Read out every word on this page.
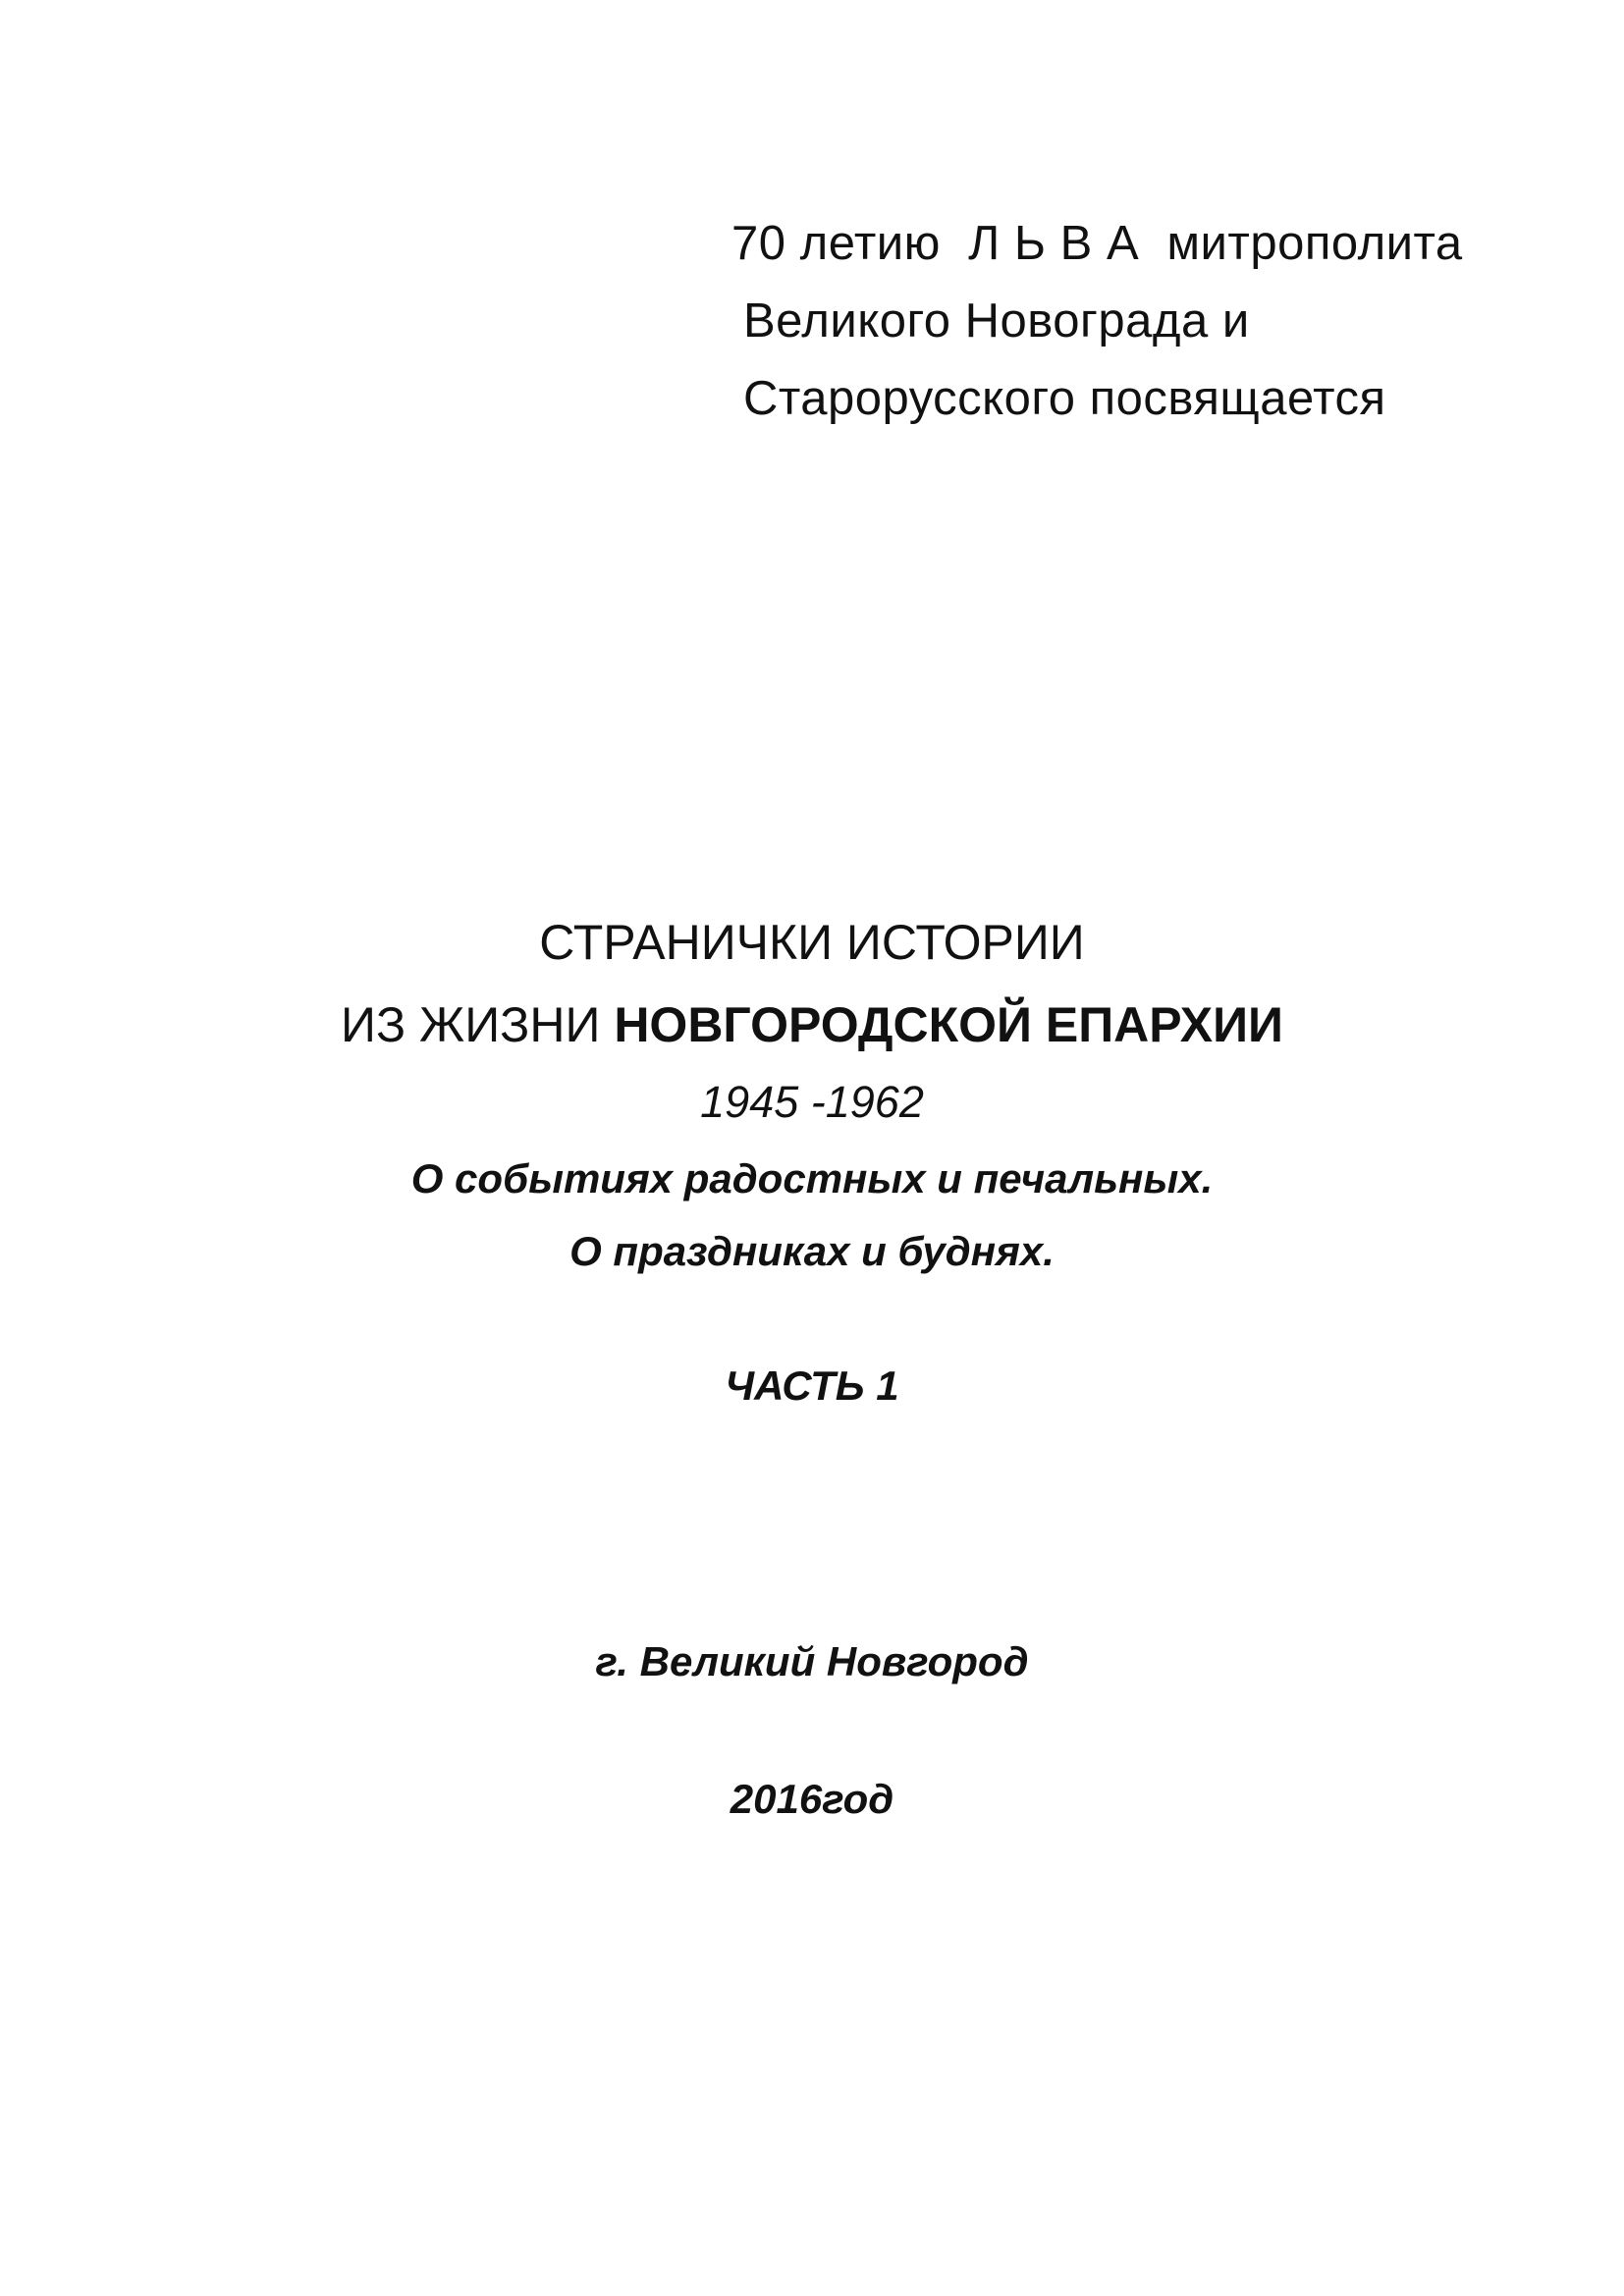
70 летию  Л Ь В А  митрополита
Великого Новограда и
Старорусского посвящается
СТРАНИЧКИ ИСТОРИИ
ИЗ ЖИЗНИ НОВГОРОДСКОЙ ЕПАРХИИ
1945 -1962
О событиях радостных и печальных.
О праздниках и буднях.
ЧАСТЬ 1
г. Великий Новгород
2016год
